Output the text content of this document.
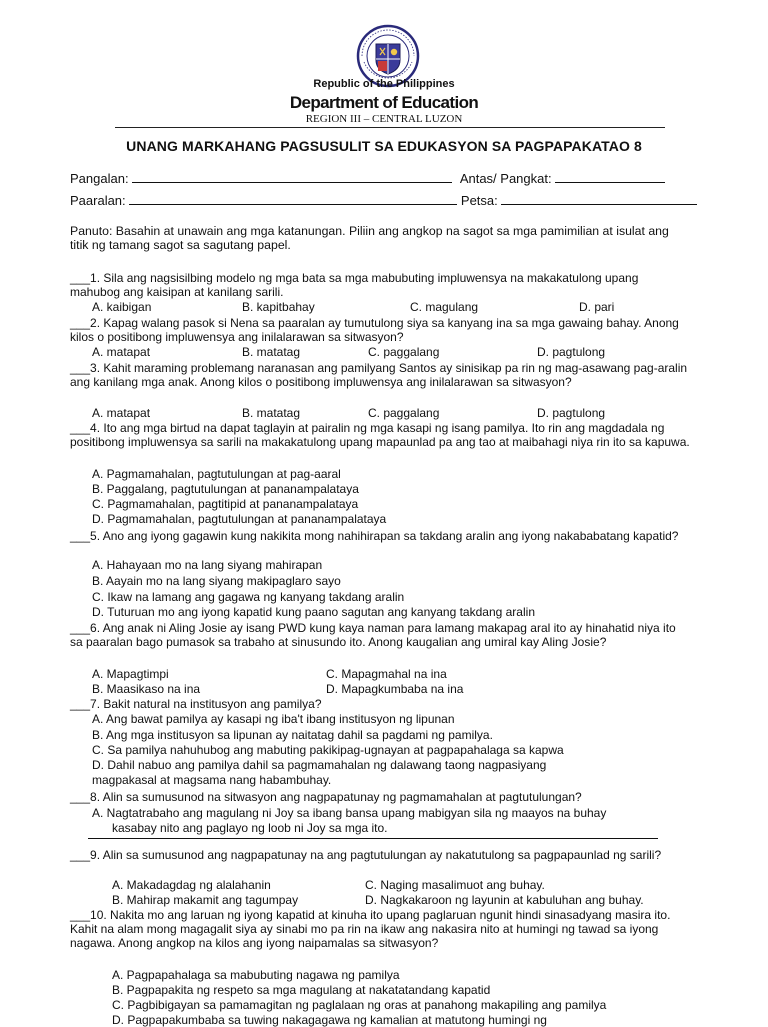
Republic of the Philippines
Department of Education
REGION III – CENTRAL LUZON
UNANG MARKAHANG PAGSUSULIT SA EDUKASYON SA PAGPAPAKATAO 8
Pangalan:	Antas/ Pangkat:
Paaralan:	Petsa:
Panuto: Basahin at unawain ang mga katanungan. Piliin ang angkop na sagot sa mga pamimilian at isulat ang titik ng tamang sagot sa sagutang papel.
___1. Sila ang nagsisilbing modelo ng mga bata sa mga mabubuting impluwensya na makakatulong upang mahubog ang kaisipan at kanilang sarili.
A. kaibigan	B. kapitbahay	C. magulang	D. pari
___2. Kapag walang pasok si Nena sa paaralan ay tumutulong siya sa kanyang ina sa mga gawaing bahay. Anong kilos o positibong impluwensya ang inilalarawan sa sitwasyon?
A. matapat	B. matatag	C. paggalang	D. pagtulong
___3. Kahit maraming problemang naranasan ang pamilyang Santos ay sinisikap pa rin ng mag-asawang pag-aralin ang kanilang mga anak. Anong kilos o positibong impluwensya ang inilalarawan sa sitwasyon?
A. matapat	B. matatag	C. paggalang	D. pagtulong
___4. Ito ang mga birtud na dapat taglayin at pairalin ng mga kasapi ng isang pamilya. Ito rin ang magdadala ng positibong impluwensya sa sarili na makakatulong upang mapaunlad pa ang tao at maibahagi niya rin ito sa kapuwa.
A. Pagmamahalan, pagtutulungan at pag-aaral
B. Paggalang, pagtutulungan at pananampalataya
C. Pagmamahalan, pagtitipid at pananampalataya
D. Pagmamahalan, pagtutulungan at pananampalataya
___5. Ano ang iyong gagawin kung nakikita mong nahihirapan sa takdang aralin ang iyong nakababatang kapatid?
A. Hahayaan mo na lang siyang mahirapan
B. Aayain mo na lang siyang makipaglaro sayo
C. Ikaw na lamang ang gagawa ng kanyang takdang aralin
D. Tuturuan mo ang iyong kapatid kung paano sagutan ang kanyang takdang aralin
___6. Ang anak ni Aling Josie ay isang PWD kung kaya naman para lamang makapag aral ito ay hinahatid niya ito sa paaralan bago pumasok sa trabaho at sinusundo ito. Anong kaugalian ang umiral kay Aling Josie?
A. Mapagtimpi	C. Mapagmahal na ina
B. Maasikaso na ina	D. Mapagkumbaba na ina
___7. Bakit natural na institusyon ang pamilya?
A. Ang bawat pamilya ay kasapi ng iba't ibang institusyon ng lipunan
B. Ang mga institusyon sa lipunan ay naitatag dahil sa pagdami ng pamilya.
C. Sa pamilya nahuhubog ang mabuting pakikipag-ugnayan at pagpapahalaga sa kapwa
D. Dahil nabuo ang pamilya dahil sa pagmamahalan ng dalawang taong nagpasiyang
magpakasal at magsama nang habambuhay.
___8. Alin sa sumusunod na sitwasyon ang nagpapatunay ng pagmamahalan at pagtutulungan?
A. Nagtatrabaho ang magulang ni Joy sa ibang bansa upang mabigyan sila ng maayos na buhay
kasabay nito ang paglayo ng loob ni Joy sa mga ito.
___9. Alin sa sumusunod ang nagpapatunay na ang pagtutulungan ay nakatutulong sa pagpapaunlad ng sarili?
A. Makadagdag ng alalahanin	C. Naging masalimuot ang buhay.
B. Mahirap makamit ang tagumpay	D. Nagkakaroon ng layunin at kabuluhan ang buhay.
___10. Nakita mo ang laruan ng iyong kapatid at kinuha ito upang paglaruan ngunit hindi sinasadyang masira ito. Kahit na alam mong magagalit siya ay sinabi mo pa rin na ikaw ang nakasira nito at humingi ng tawad sa iyong nagawa. Anong angkop na kilos ang iyong naipamalas sa sitwasyon?
A. Pagpapahalaga sa mabubuting nagawa ng pamilya
B. Pagpapakita ng respeto sa mga magulang at nakatatandang kapatid
C. Pagbibigayan sa pamamagitan ng paglalaan ng oras at panahong makapiling ang pamilya
D. Pagpapakumbaba sa tuwing nakagagawa ng kamalian at matutong humingi ng
